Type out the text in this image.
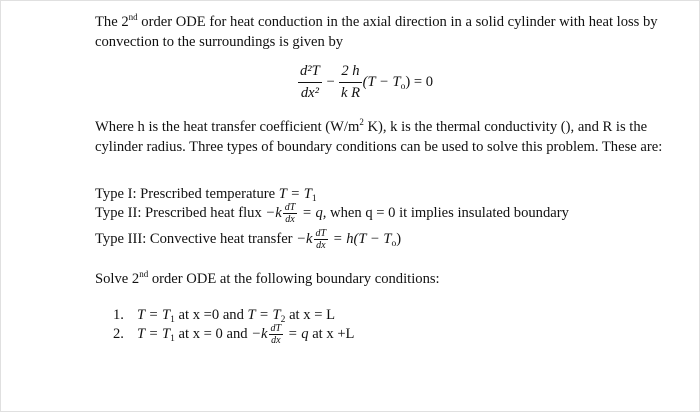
The 2nd order ODE for heat conduction in the axial direction in a solid cylinder with heat loss by convection to the surroundings is given by
$\frac{\text{d²T}}{\text{dx²}} - \frac{2 h}{\text{k R}} (T - T_o) = 0$
Where h is the heat transfer coefficient ($W/m^2$ K), k is the thermal conductivity (), and R is the cylinder radius. Three types of boundary conditions can be used to solve this problem. These are:
Type I: Prescribed temperature $T = T_1$
Type II: Prescribed heat flux $-k \frac{dT}{dx} = q$, when q = 0 it implies insulated boundary
Type III: Convective heat transfer $-k \frac{dT}{dx} = h(T - T_o)$
Solve 2nd order ODE at the following boundary conditions:
1. $T = T_1$ at x =0 and $T = T_2$ at x = L
2. $T = T_1$ at x = 0 and $-k \frac{dT}{dx} = q$ at x +L
